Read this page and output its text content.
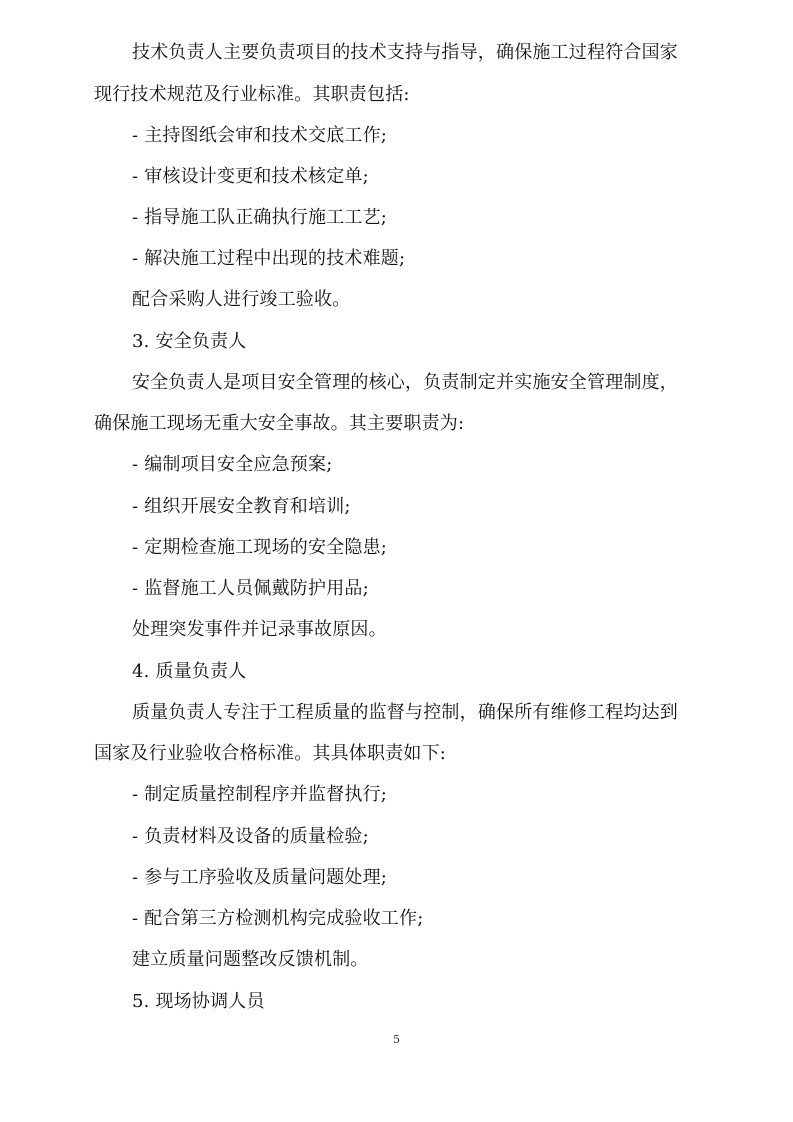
技术负责人主要负责项目的技术支持与指导，确保施工过程符合国家
现行技术规范及行业标准。其职责包括:
- 主持图纸会审和技术交底工作;
- 审核设计变更和技术核定单;
- 指导施工队正确执行施工工艺;
- 解决施工过程中出现的技术难题;
配合采购人进行竣工验收。
3. 安全负责人
安全负责人是项目安全管理的核心，负责制定并实施安全管理制度，
确保施工现场无重大安全事故。其主要职责为:
- 编制项目安全应急预案;
- 组织开展安全教育和培训;
- 定期检查施工现场的安全隐患;
- 监督施工人员佩戴防护用品;
处理突发事件并记录事故原因。
4. 质量负责人
质量负责人专注于工程质量的监督与控制，确保所有维修工程均达到
国家及行业验收合格标准。其具体职责如下:
- 制定质量控制程序并监督执行;
- 负责材料及设备的质量检验;
- 参与工序验收及质量问题处理;
- 配合第三方检测机构完成验收工作;
建立质量问题整改反馈机制。
5. 现场协调人员
5
